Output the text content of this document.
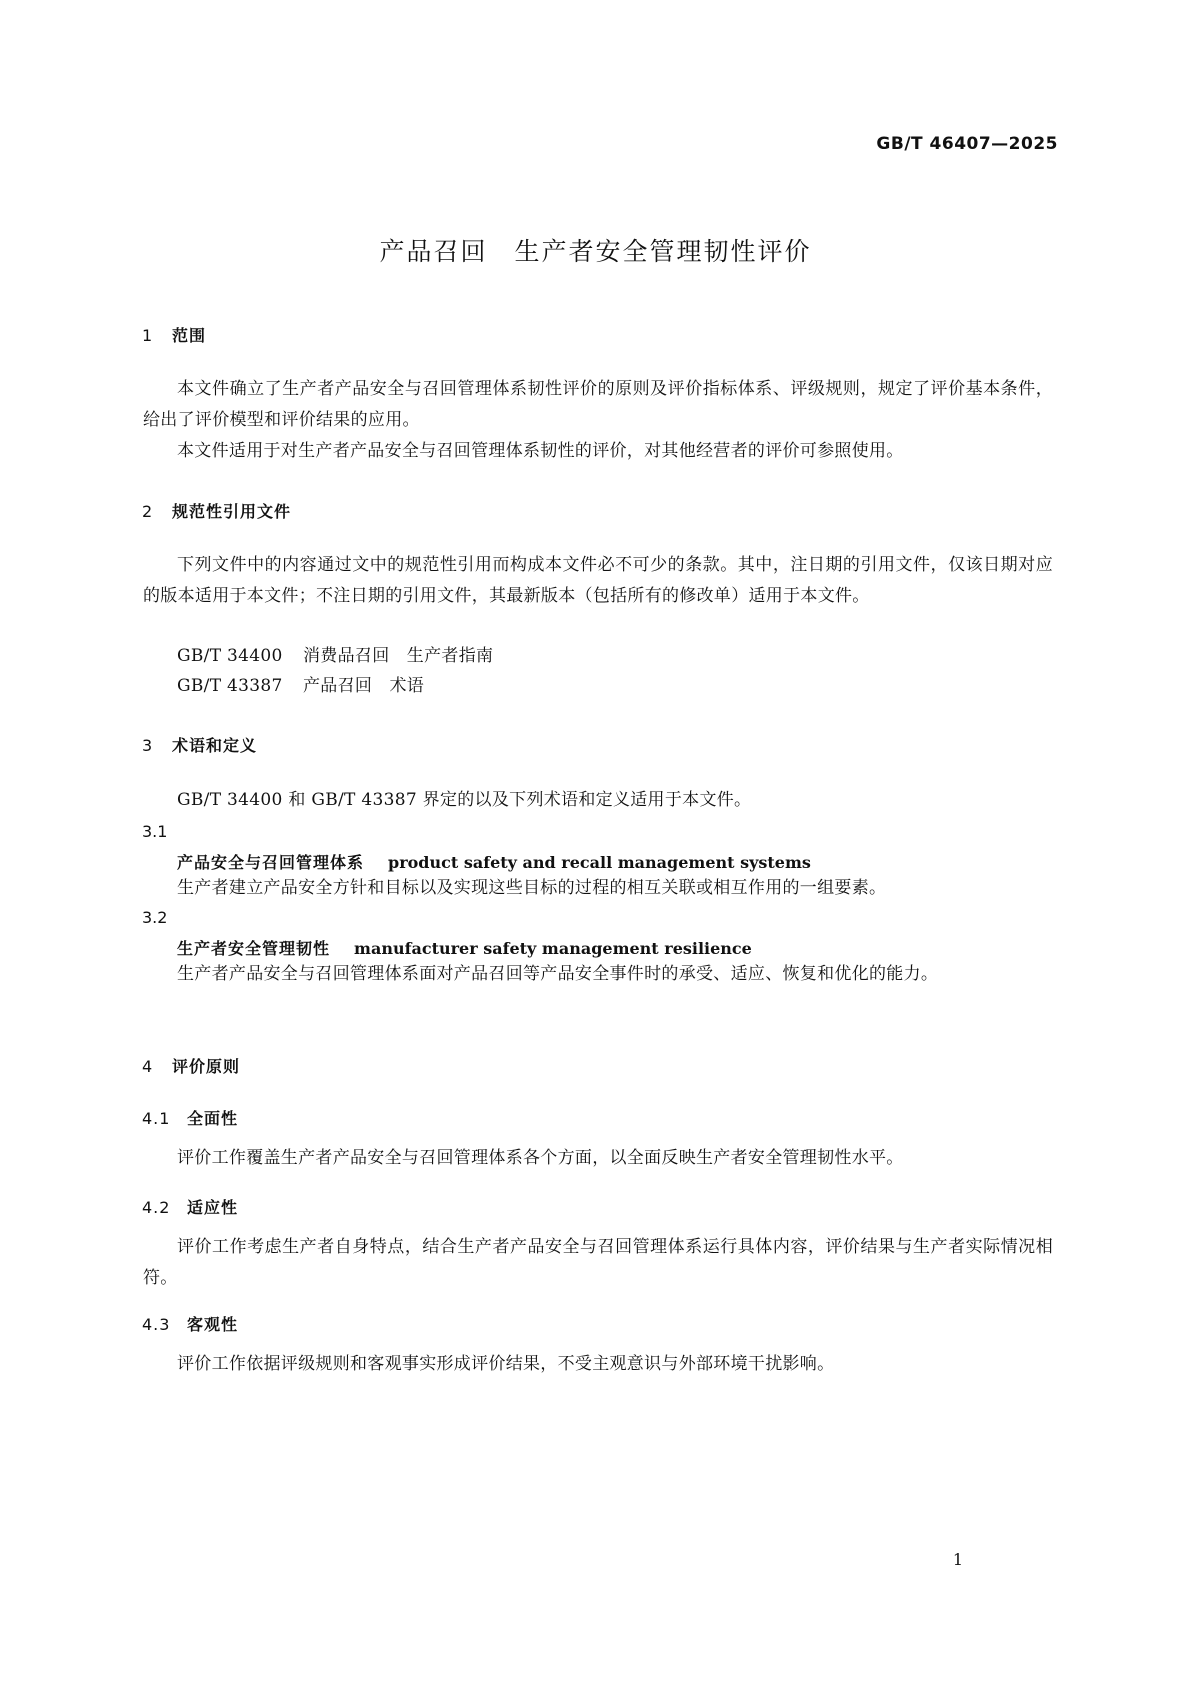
GB/T 46407—2025
产品召回　生产者安全管理韧性评价
1 范围
本文件确立了生产者产品安全与召回管理体系韧性评价的原则及评价指标体系、评级规则，规定了评价基本条件，给出了评价模型和评价结果的应用。
本文件适用于对生产者产品安全与召回管理体系韧性的评价，对其他经营者的评价可参照使用。
2 规范性引用文件
下列文件中的内容通过文中的规范性引用而构成本文件必不可少的条款。其中，注日期的引用文件，仅该日期对应的版本适用于本文件；不注日期的引用文件，其最新版本（包括所有的修改单）适用于本文件。
GB/T 34400 消费品召回　生产者指南
GB/T 43387 产品召回　术语
3 术语和定义
GB/T 34400 和 GB/T 43387 界定的以及下列术语和定义适用于本文件。
3.1
产品安全与召回管理体系 product safety and recall management systems
生产者建立产品安全方针和目标以及实现这些目标的过程的相互关联或相互作用的一组要素。
3.2
生产者安全管理韧性 manufacturer safety management resilience
生产者产品安全与召回管理体系面对产品召回等产品安全事件时的承受、适应、恢复和优化的能力。
4 评价原则
4.1 全面性
评价工作覆盖生产者产品安全与召回管理体系各个方面，以全面反映生产者安全管理韧性水平。
4.2 适应性
评价工作考虑生产者自身特点，结合生产者产品安全与召回管理体系运行具体内容，评价结果与生产者实际情况相符。
4.3 客观性
评价工作依据评级规则和客观事实形成评价结果，不受主观意识与外部环境干扰影响。
1
